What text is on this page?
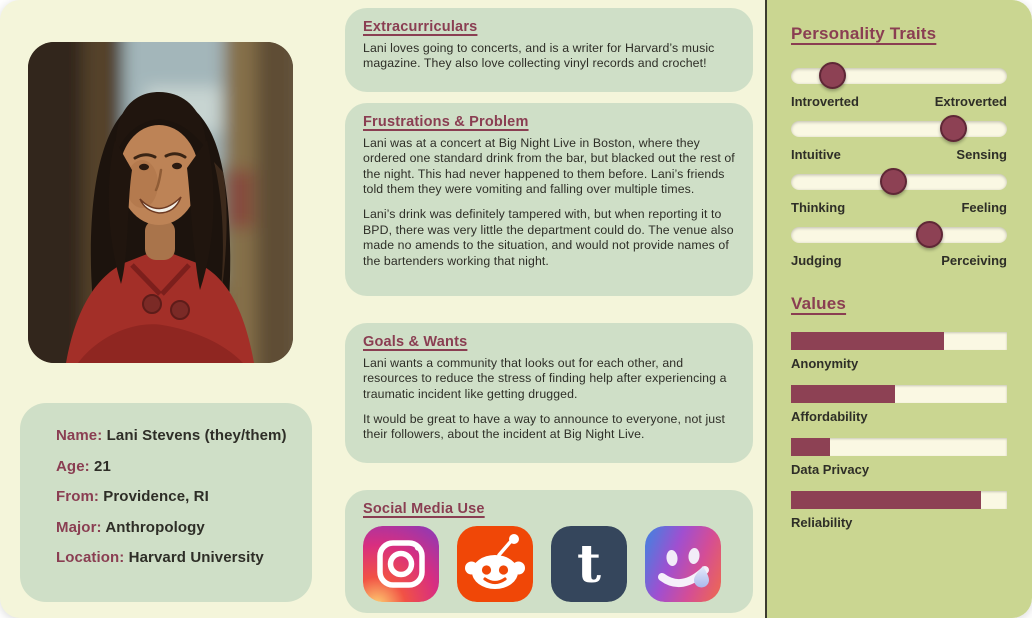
Name: Lani Stevens (they/them)
Age: 21
From: Providence, RI
Major: Anthropology
Location: Harvard University
Extracurriculars

Lani loves going to concerts, and is a writer for Harvard’s music magazine. They also love collecting vinyl records and crochet!

Frustrations & Problem

Lani was at a concert at Big Night Live in Boston, where they ordered one standard drink from the bar, but blacked out the rest of the night. This had never happened to them before. Lani’s friends told them they were vomiting and falling over multiple times.

Lani’s drink was definitely tampered with, but when reporting it to BPD, there was very little the department could do. The venue also made no amends to the situation, and would not provide names of the bartenders working that night.

Goals & Wants

Lani wants a community that looks out for each other, and resources to reduce the stress of finding help after experiencing a traumatic incident like getting drugged.

It would be great to have a way to announce to everyone, not just their followers, about the incident at Big Night Live.

Social Media Use
t
Personality Traits
Introverted	Extroverted
Intuitive	Sensing
Thinking	Feeling
Judging	Perceiving
Values
Anonymity
Affordability
Data Privacy
Reliability
